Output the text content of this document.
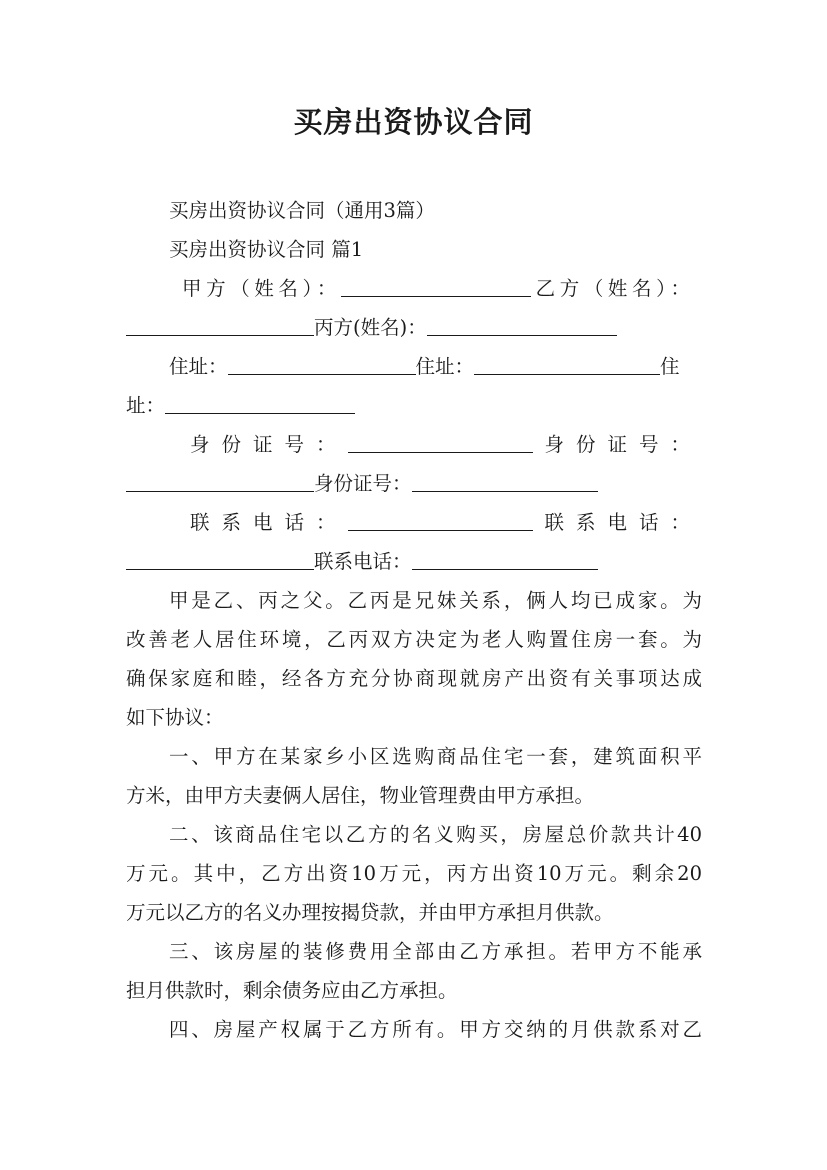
买房出资协议合同
买房出资协议合同（通用3篇）
买房出资协议合同 篇1
甲方（姓名）：	乙方（姓名）：
丙方(姓名)：
住址：	住址：	住
址：
身份证号：	身份证号：
身份证号：
联系电话：	联系电话：
联系电话：
甲是乙、丙之父。乙丙是兄妹关系，俩人均已成家。为
改善老人居住环境，乙丙双方决定为老人购置住房一套。为
确保家庭和睦，经各方充分协商现就房产出资有关事项达成
如下协议：
一、甲方在某家乡小区选购商品住宅一套，建筑面积平
方米，由甲方夫妻俩人居住，物业管理费由甲方承担。
二、该商品住宅以乙方的名义购买，房屋总价款共计40
万元。其中，乙方出资10万元，丙方出资10万元。剩余20
万元以乙方的名义办理按揭贷款，并由甲方承担月供款。
三、该房屋的装修费用全部由乙方承担。若甲方不能承
担月供款时，剩余债务应由乙方承担。
四、房屋产权属于乙方所有。甲方交纳的月供款系对乙
